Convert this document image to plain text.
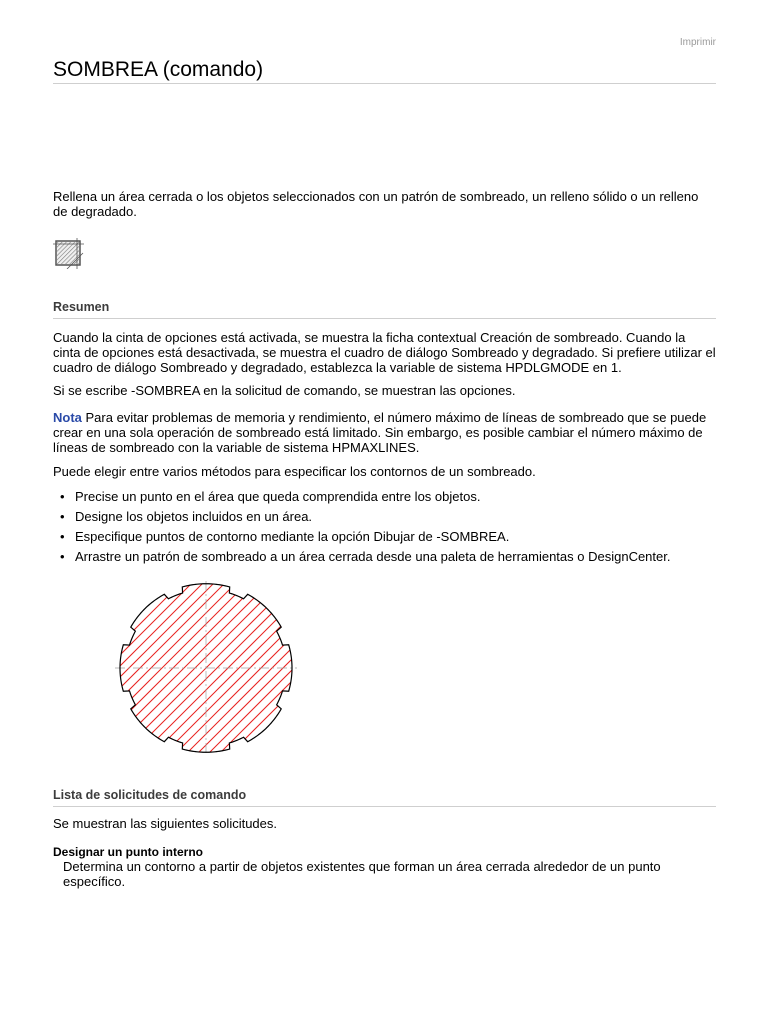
Imprimir
SOMBREA (comando)

Rellena un área cerrada o los objetos seleccionados con un patrón de sombreado, un relleno sólido o un relleno de degradado.

Resumen

Cuando la cinta de opciones está activada, se muestra la ficha contextual Creación de sombreado. Cuando la cinta de opciones está desactivada, se muestra el cuadro de diálogo Sombreado y degradado. Si prefiere utilizar el cuadro de diálogo Sombreado y degradado, establezca la variable de sistema HPDLGMODE en 1.

Si se escribe -SOMBREA en la solicitud de comando, se muestran las opciones.

Nota Para evitar problemas de memoria y rendimiento, el número máximo de líneas de sombreado que se puede crear en una sola operación de sombreado está limitado. Sin embargo, es posible cambiar el número máximo de líneas de sombreado con la variable de sistema HPMAXLINES.

Puede elegir entre varios métodos para especificar los contornos de un sombreado.

• Precise un punto en el área que queda comprendida entre los objetos.
• Designe los objetos incluidos en un área.
• Especifique puntos de contorno mediante la opción Dibujar de -SOMBREA.
• Arrastre un patrón de sombreado a un área cerrada desde una paleta de herramientas o DesignCenter.
Lista de solicitudes de comando

Se muestran las siguientes solicitudes.

Designar un punto interno
Determina un contorno a partir de objetos existentes que forman un área cerrada alrededor de un punto específico.
